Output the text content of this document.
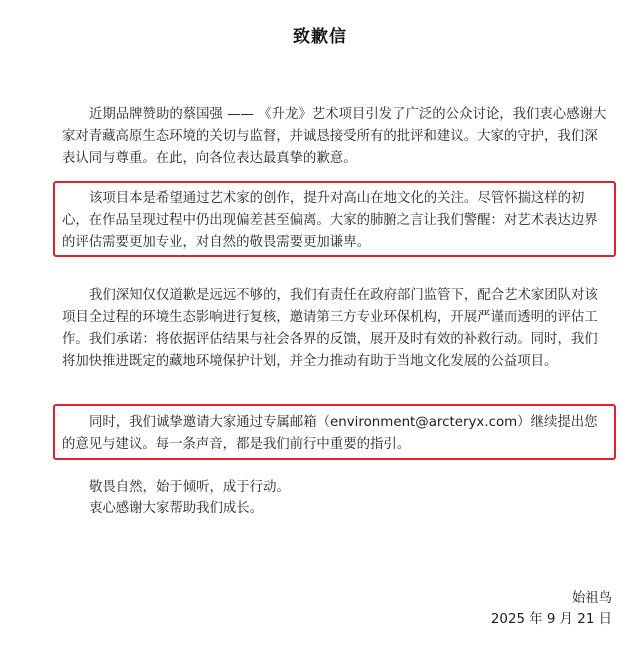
致歉信

近期品牌赞助的蔡国强 —— 《升龙》艺术项目引发了广泛的公众讨论，我们衷心感谢大家对青藏高原生态环境的关切与监督，并诚恳接受所有的批评和建议。大家的守护，我们深表认同与尊重。在此，向各位表达最真挚的歉意。

该项目本是希望通过艺术家的创作，提升对高山在地文化的关注。尽管怀揣这样的初心，在作品呈现过程中仍出现偏差甚至偏离。大家的肺腑之言让我们警醒：对艺术表达边界的评估需要更加专业，对自然的敬畏需要更加谦卑。

我们深知仅仅道歉是远远不够的，我们有责任在政府部门监管下，配合艺术家团队对该项目全过程的环境生态影响进行复核，邀请第三方专业环保机构，开展严谨而透明的评估工作。我们承诺：将依据评估结果与社会各界的反馈，展开及时有效的补救行动。同时，我们将加快推进既定的藏地环境保护计划，并全力推动有助于当地文化发展的公益项目。

同时，我们诚挚邀请大家通过专属邮箱（environment@arcteryx.com）继续提出您的意见与建议。每一条声音，都是我们前行中重要的指引。

敬畏自然，始于倾听，成于行动。

衷心感谢大家帮助我们成长。

始祖鸟
2025 年 9 月 21 日
